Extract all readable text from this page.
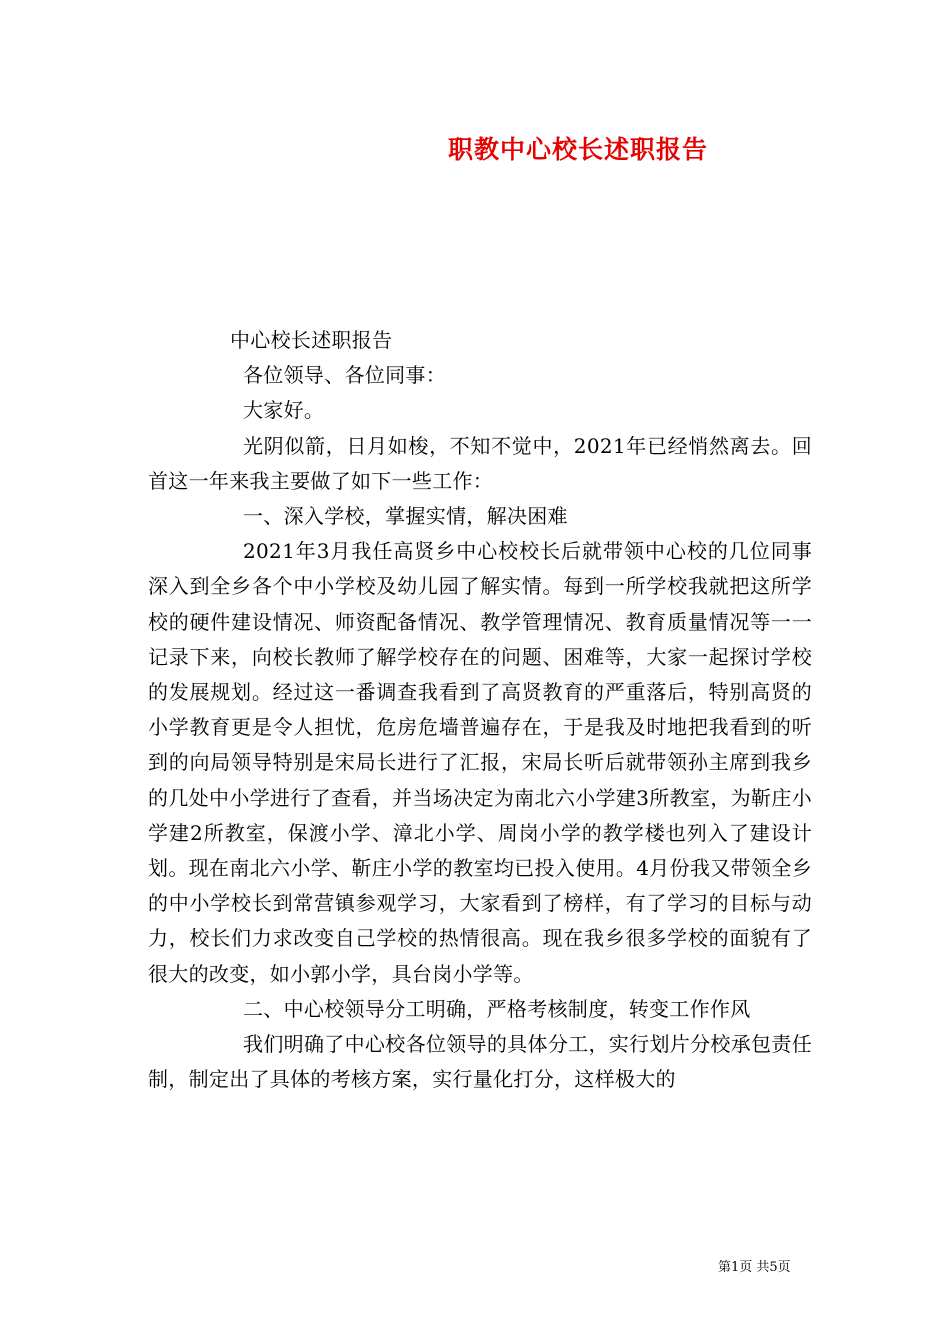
职教中心校长述职报告

中心校长述职报告

各位领导、各位同事：

大家好。

光阴似箭，日月如梭，不知不觉中，2021年已经悄然离去。回首这一年来我主要做了如下一些工作：

一、深入学校，掌握实情，解决困难

2021年3月我任高贤乡中心校校长后就带领中心校的几位同事深入到全乡各个中小学校及幼儿园了解实情。每到一所学校我就把这所学校的硬件建设情况、师资配备情况、教学管理情况、教育质量情况等一一记录下来，向校长教师了解学校存在的问题、困难等，大家一起探讨学校的发展规划。经过这一番调查我看到了高贤教育的严重落后，特别高贤的小学教育更是令人担忧，危房危墙普遍存在，于是我及时地把我看到的听到的向局领导特别是宋局长进行了汇报，宋局长听后就带领孙主席到我乡的几处中小学进行了查看，并当场决定为南北六小学建3所教室，为靳庄小学建2所教室，保渡小学、漳北小学、周岗小学的教学楼也列入了建设计划。现在南北六小学、靳庄小学的教室均已投入使用。4月份我又带领全乡的中小学校长到常营镇参观学习，大家看到了榜样，有了学习的目标与动力，校长们力求改变自己学校的热情很高。现在我乡很多学校的面貌有了很大的改变，如小郭小学，具台岗小学等。

二、中心校领导分工明确，严格考核制度，转变工作作风

我们明确了中心校各位领导的具体分工，实行划片分校承包责任制，制定出了具体的考核方案，实行量化打分，这样极大的

第1页 共5页
